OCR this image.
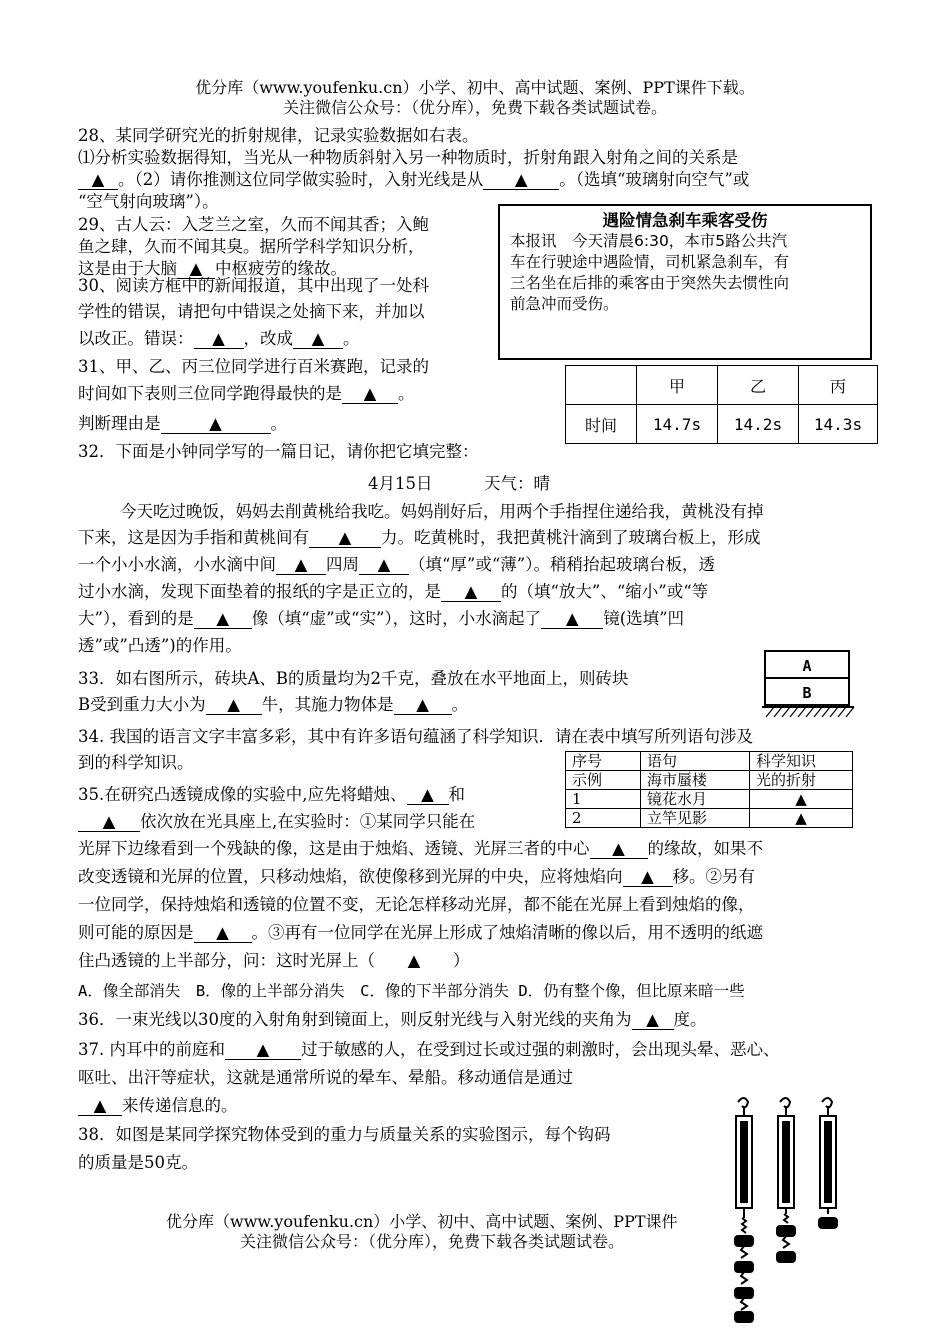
优分库（www.youfenku.cn）小学、初中、高中试题、案例、PPT课件下载。
关注微信公众号：（优分库），免费下载各类试题试卷。
28、某同学研究光的折射规律，记录实验数据如右表。
⑴分析实验数据得知，当光从一种物质斜射入另一种物质时，折射角跟入射角之间的关系是
▲ 。（2）请你推测这位同学做实验时，入射光线是从 ▲ 。（选填“玻璃射向空气”或
“空气射向玻璃”）。
29、古人云：入芝兰之室，久而不闻其香；入鲍
鱼之肆，久而不闻其臭。据所学科学知识分析，
这是由于大脑 ▲ 中枢疲劳的缘故。
30、阅读方框中的新闻报道，其中出现了一处科
学性的错误，请把句中错误之处摘下来，并加以
以改正。错误： ▲ ，改成 ▲ 。
遇险情急刹车乘客受伤
本报讯　今天清晨6:30，本市5路公共汽
车在行驶途中遇险情，司机紧急刹车，有
三名坐在后排的乘客由于突然失去惯性向
前急冲而受伤。
31、甲、乙、丙三位同学进行百米赛跑，记录的
时间如下表则三位同学跑得最快的是 ▲ 。
判断理由是	▲	。
	甲	乙	丙
时间	14.7s	14.2s	14.3s
32．下面是小钟同学写的一篇日记，请你把它填完整：
4月15日	天气：晴
今天吃过晚饭，妈妈去削黄桃给我吃。妈妈削好后，用两个手指捏住递给我，黄桃没有掉
下来，这是因为手指和黄桃间有 ▲ 力。吃黄桃时，我把黄桃汁滴到了玻璃台板上，形成
一个小小水滴，小水滴中间 ▲ 四周 ▲ （填“厚”或“薄”）。稍稍抬起玻璃台板，透
过小水滴，发现下面垫着的报纸的字是正立的，是 ▲ 的（填“放大”、“缩小”或“等
大”），看到的是 ▲ 像（填“虚”或“实”），这时，小水滴起了 ▲ 镜(选填”凹
透”或”凸透”)的作用。
33．如右图所示，砖块A、B的质量均为2千克，叠放在水平地面上，则砖块
B受到重力大小为 ▲ 牛，其施力物体是 ▲ 。
A
B
34. 我国的语言文字丰富多彩，其中有许多语句蕴涵了科学知识．请在表中填写所列语句涉及
到的科学知识。	序号	语句	科学知识
示例	海市蜃楼	光的折射
1	镜花水月	▲
2	立竿见影	▲
35.在研究凸透镜成像的实验中,应先将蜡烛、 ▲ 和
▲ 依次放在光具座上,在实验时：①某同学只能在
光屏下边缘看到一个残缺的像，这是由于烛焰、透镜、光屏三者的中心 ▲ 的缘故，如果不
改变透镜和光屏的位置，只移动烛焰，欲使像移到光屏的中央，应将烛焰向 ▲ 移。②另有
一位同学，保持烛焰和透镜的位置不变，无论怎样移动光屏，都不能在光屏上看到烛焰的像，
则可能的原因是 ▲ 。③再有一位同学在光屏上形成了烛焰清晰的像以后，用不透明的纸遮
住凸透镜的上半部分，问：这时光屏上（ ▲ ）
A．像全部消失　B．像的上半部分消失　C．像的下半部分消失 D．仍有整个像，但比原来暗一些
36．一束光线以30度的入射角射到镜面上，则反射光线与入射光线的夹角为 ▲ 度。
37. 内耳中的前庭和 ▲ 过于敏感的人，在受到过长或过强的刺激时，会出现头晕、恶心、
呕吐、出汗等症状，这就是通常所说的晕车、晕船。移动通信是通过
▲ 来传递信息的。
38．如图是某同学探究物体受到的重力与质量关系的实验图示，每个钩码
的质量是50克。
优分库（www.youfenku.cn）小学、初中、高中试题、案例、PPT课件
关注微信公众号：（优分库），免费下载各类试题试卷。
